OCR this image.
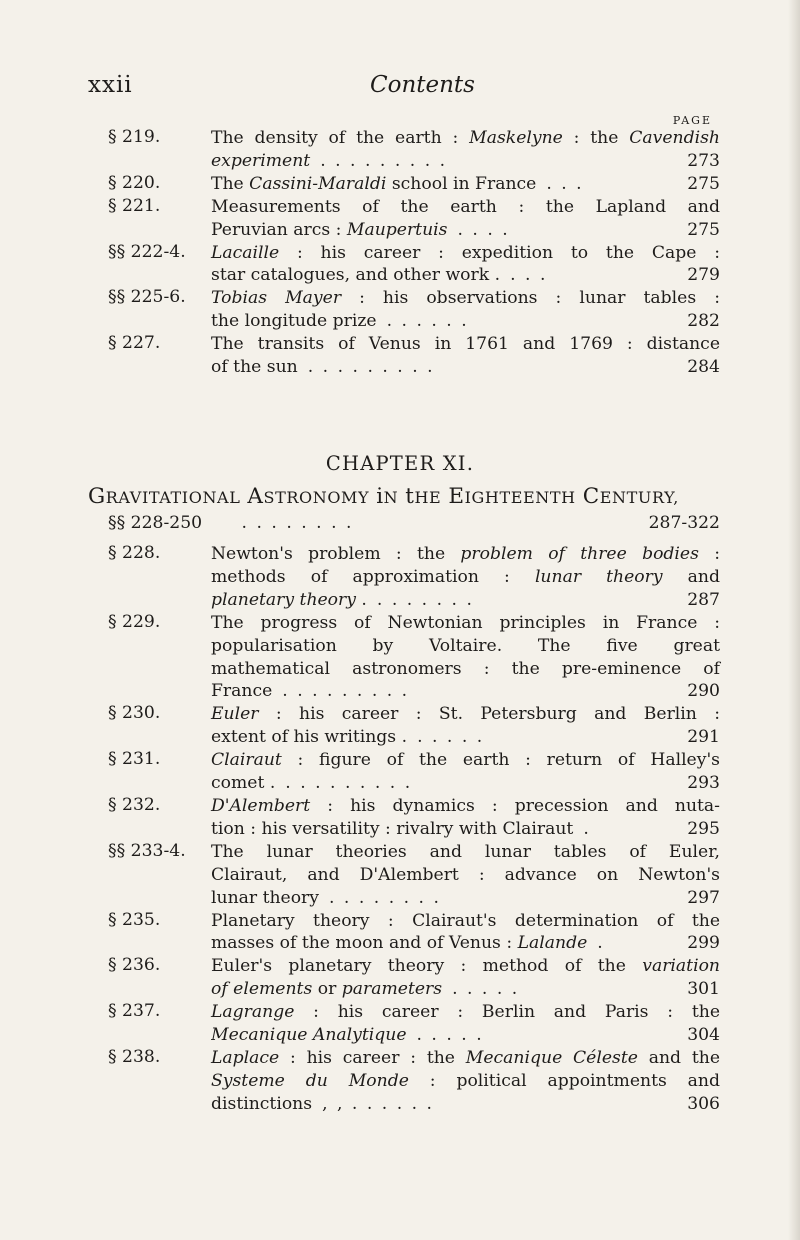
xxii	Contents
PAGE
§ 219.	The density of the earth : Maskelyne : the Cavendish
experiment . . . . . . . . .	273
§ 220.	The Cassini-Maraldi school in France . . .	275
§ 221.	Measurements of the earth : the Lapland and
Peruvian arcs : Maupertuis . . . .	275
§§ 222-4. Lacaille : his career : expedition to the Cape :
star catalogues, and other work . . . .	279
§§ 225-6. Tobias Mayer : his observations : lunar tables :
the longitude prize . . . . . .	282
§ 227.	The transits of Venus in 1761 and 1769 : distance
of the sun . . . . . . . . .	284
CHAPTER XI.
GRAVITATIONAL ASTRONOMY iN tHE EIGHTEENTH CENTURY,
§§ 228-250 . . . . . . . .	287-322
§ 228.	Newton's problem : the problem of three bodies :
methods of approximation : lunar theory and
planetary theory . . . . . . . .	287
§ 229.	The progress of Newtonian principles in France :
popularisation by Voltaire. The five great
mathematical astronomers : the pre-eminence of
France . . . . . . . . .	290
§ 230.	Euler : his career : St. Petersburg and Berlin :
extent of his writings . . . . . .	291
§ 231.	Clairaut : figure of the earth : return of Halley's
comet . . . . . . . . . .	293
§ 232.	D'Alembert : his dynamics : precession and nuta-
tion : his versatility : rivalry with Clairaut .	295
§§ 233-4. The lunar theories and lunar tables of Euler,
Clairaut, and D'Alembert : advance on Newton's
lunar theory . . . . . . . .	297
§ 235.	Planetary theory : Clairaut's determination of the
masses of the moon and of Venus : Lalande .	299
§ 236.	Euler's planetary theory : method of the variation
of elements or parameters . . . . .	301
§ 237.	Lagrange : his career : Berlin and Paris : the
Mecanique Analytique . . . . .	304
§ 238.	Laplace : his career : the Mecanique Céleste and the
Systeme du Monde : political appointments and
distinctions , , . . . . . .	306
